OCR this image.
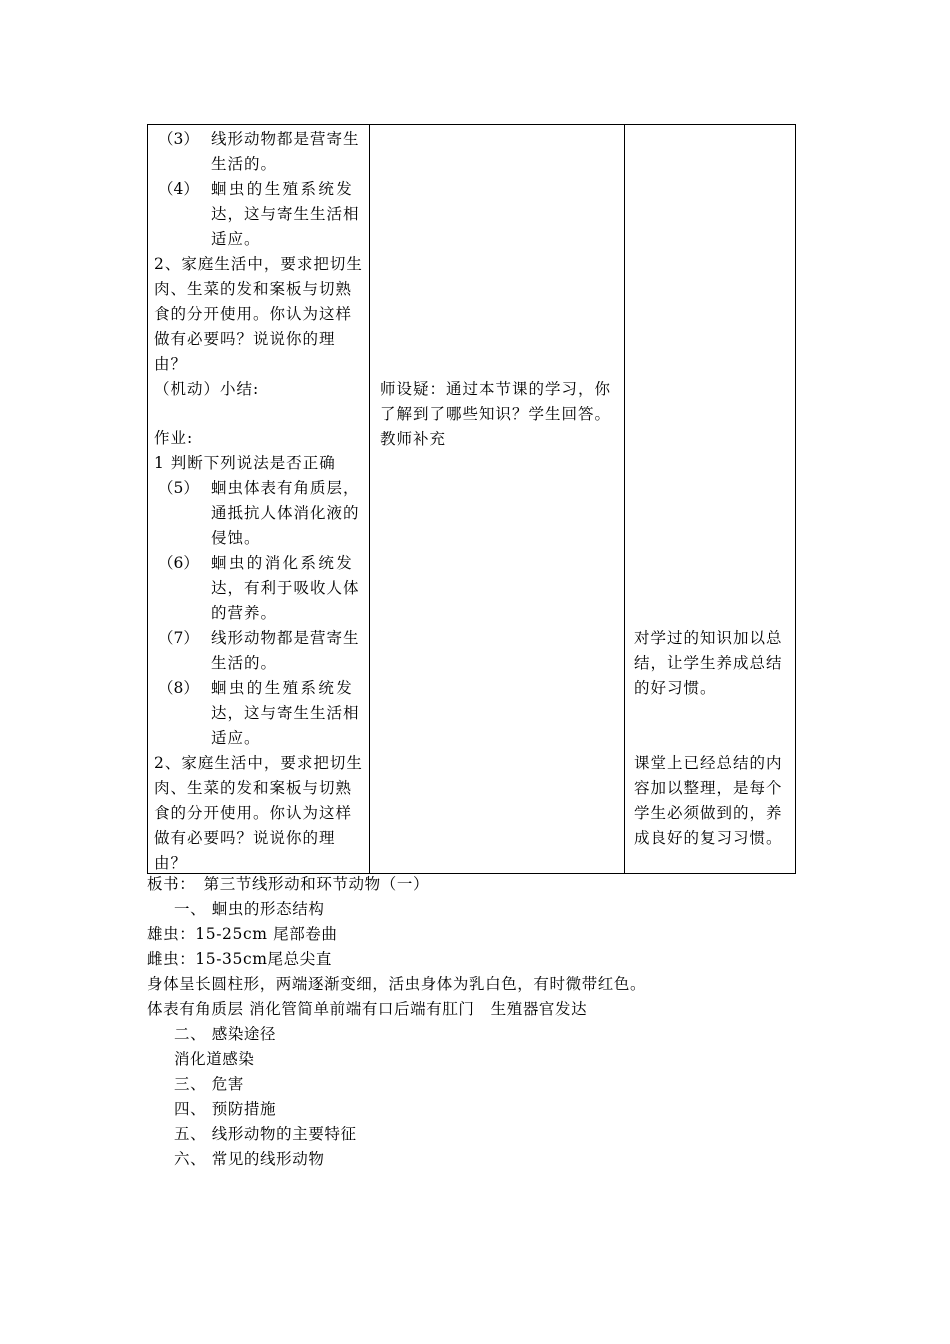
（3） 线形动物都是营寄生
生活的。
（4） 蛔虫的生殖系统发
达，这与寄生生活相
适应。
2、家庭生活中，要求把切生
肉、生菜的发和案板与切熟
食的分开使用。你认为这样
做有必要吗？说说你的理
由？
（机动）小结:
作业:
1 判断下列说法是否正确
（5） 蛔虫体表有角质层，
通抵抗人体消化液的
侵蚀。
（6） 蛔虫的消化系统发
达，有利于吸收人体
的营养。
（7） 线形动物都是营寄生
生活的。
（8） 蛔虫的生殖系统发
达，这与寄生生活相
适应。
2、家庭生活中，要求把切生
肉、生菜的发和案板与切熟
食的分开使用。你认为这样
做有必要吗？说说你的理
由？

师设疑：通过本节课的学习，你
了解到了哪些知识？学生回答。
教师补充

对学过的知识加以总
结，让学生养成总结
的好习惯。
课堂上已经总结的内
容加以整理，是每个
学生必须做到的，养
成良好的复习习惯。
板书：　第三节线形动和环节动物（一）
一、 蛔虫的形态结构
雄虫：15-25cm 尾部卷曲
雌虫：15-35cm尾总尖直
身体呈长圆柱形，两端逐渐变细，活虫身体为乳白色，有时微带红色。
体表有角质层 消化管简单前端有口后端有肛门　生殖器官发达
二、 感染途径
消化道感染
三、 危害
四、 预防措施
五、 线形动物的主要特征
六、 常见的线形动物
